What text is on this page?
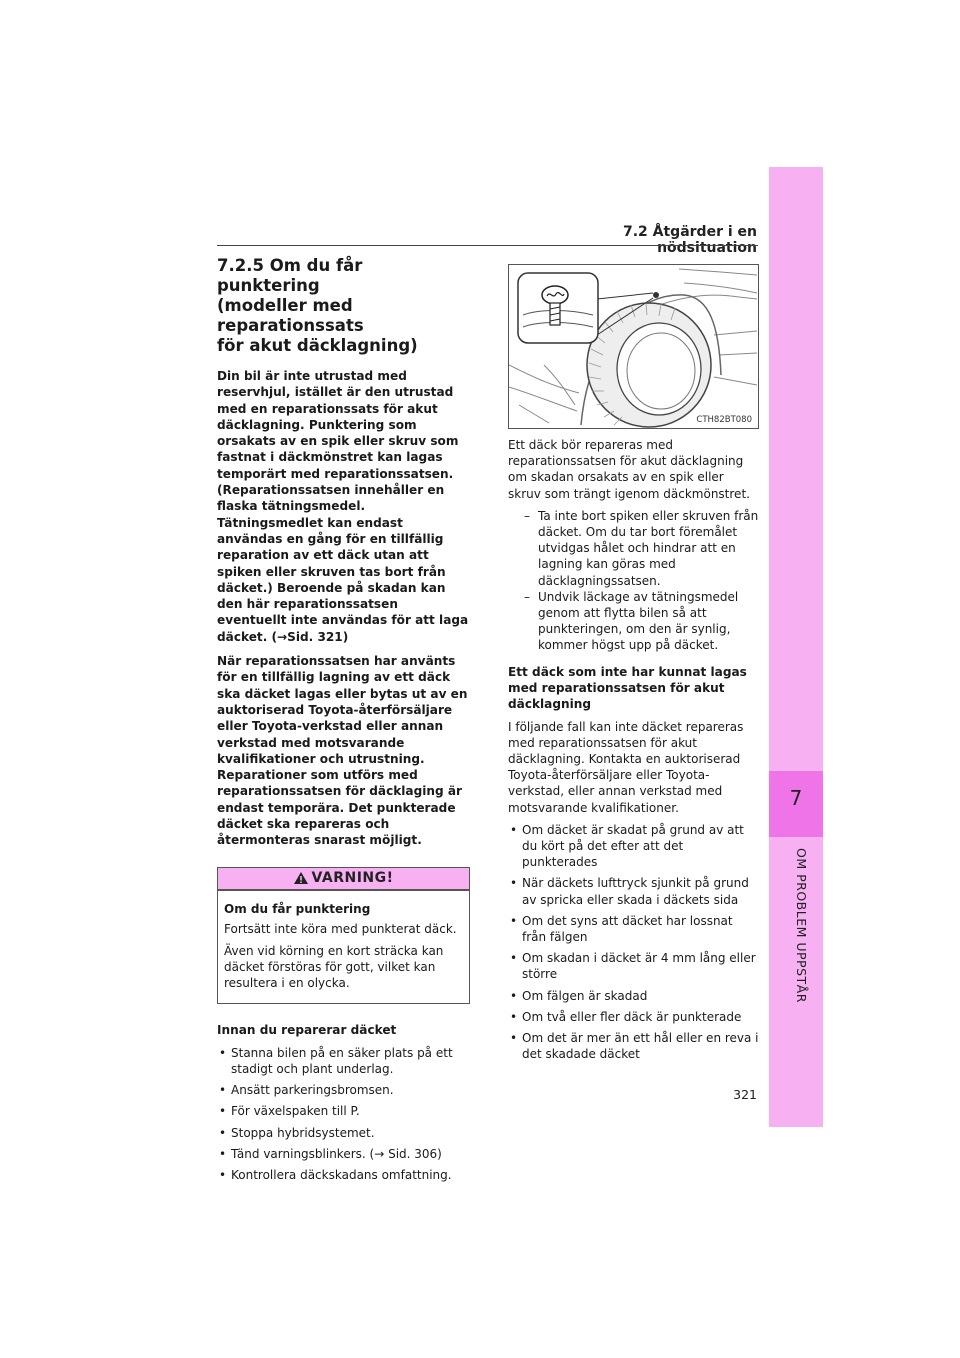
7
OM PROBLEM UPPSTÅR
7.2 Åtgärder i en nödsituation
7.2.5 Om du får punktering
(modeller med reparationssats
för akut däcklagning)

Din bil är inte utrustad med reservhjul, istället är den utrustad med en reparationssats för akut däcklagning. Punktering som orsakats av en spik eller skruv som fastnat i däckmönstret kan lagas temporärt med reparationssatsen. (Reparationssatsen innehåller en flaska tätningsmedel. Tätningsmedlet kan endast användas en gång för en tillfällig reparation av ett däck utan att spiken eller skruven tas bort från däcket.) Beroende på skadan kan den här reparationssatsen eventuellt inte användas för att laga däcket. (→Sid. 321)

När reparationssatsen har använts för en tillfällig lagning av ett däck ska däcket lagas eller bytas ut av en auktoriserad Toyota-återförsäljare eller Toyota-verkstad eller annan verkstad med motsvarande kvalifikationer och utrustning. Reparationer som utförs med reparationssatsen för däcklaging är endast temporära. Det punkterade däcket ska repareras och återmonteras snarast möjligt.

VARNING!

Om du får punktering

Fortsätt inte köra med punkterat däck.

Även vid körning en kort sträcka kan däcket förstöras för gott, vilket kan resultera i en olycka.

Innan du reparerar däcket

• Stanna bilen på en säker plats på ett stadigt och plant underlag.
• Ansätt parkeringsbromsen.
• För växelspaken till P.
• Stoppa hybridsystemet.
• Tänd varningsblinkers. (→ Sid. 306)
• Kontrollera däckskadans omfattning.
CTH82BT080

Ett däck bör repareras med reparationssatsen för akut däcklagning om skadan orsakats av en spik eller skruv som trängt igenom däckmönstret.

– Ta inte bort spiken eller skruven från däcket. Om du tar bort föremålet utvidgas hålet och hindrar att en lagning kan göras med däcklagningssatsen.
– Undvik läckage av tätningsmedel genom att flytta bilen så att punkteringen, om den är synlig, kommer högst upp på däcket.

Ett däck som inte har kunnat lagas med reparationssatsen för akut däcklagning

I följande fall kan inte däcket repareras med reparationssatsen för akut däcklagning. Kontakta en auktoriserad Toyota-återförsäljare eller Toyota-verkstad, eller annan verkstad med motsvarande kvalifikationer.

• Om däcket är skadat på grund av att du kört på det efter att det punkterades
• När däckets lufttryck sjunkit på grund av spricka eller skada i däckets sida
• Om det syns att däcket har lossnat från fälgen
• Om skadan i däcket är 4 mm lång eller större
• Om fälgen är skadad
• Om två eller fler däck är punkterade
• Om det är mer än ett hål eller en reva i det skadade däcket
321
